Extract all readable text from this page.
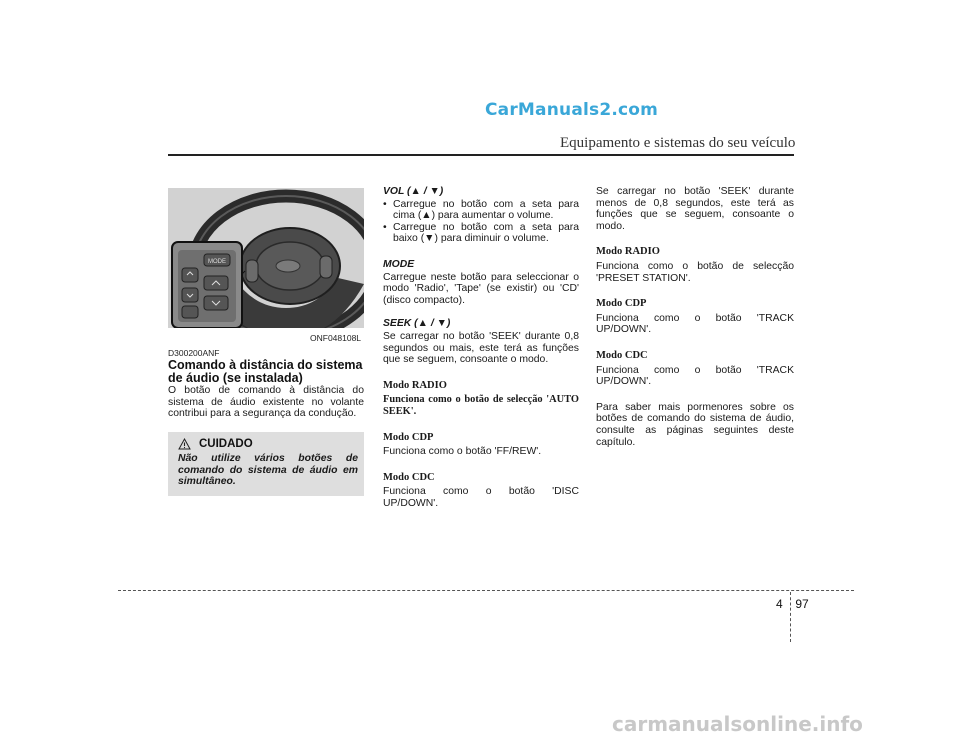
CarManuals2.com
Equipamento e sistemas do seu veículo
MODE
ONF048108L
D300200ANF
Comando à distância do sistema de áudio (se instalada)
O botão de comando à distância do sistema de áudio existente no volante contribui para a segurança da condução.
CUIDADO
Não utilize vários botões de comando do sistema de áudio em simultâneo.
VOL (▲ / ▼)
• Carregue no botão com a seta para cima (▲) para aumentar o volume.
• Carregue no botão com a seta para baixo (▼) para diminuir o volume.
MODE

Carregue neste botão para seleccionar o modo 'Radio', 'Tape' (se existir) ou 'CD' (disco compacto).

SEEK (▲ / ▼)

Se carregar no botão 'SEEK' durante 0,8 segundos ou mais, este terá as funções que se seguem, consoante o modo.

Modo RADIO

Funciona como o botão de selecção 'AUTO SEEK'.

Modo CDP

Funciona como o botão 'FF/REW'.

Modo CDC

Funciona como o botão 'DISC UP/DOWN'.

Se carregar no botão 'SEEK' durante menos de 0,8 segundos, este terá as funções que se seguem, consoante o modo.

Modo RADIO

Funciona como o botão de selecção 'PRESET STATION'.

Modo CDP

Funciona como o botão 'TRACK UP/DOWN'.

Modo CDC

Funciona como o botão 'TRACK UP/DOWN'.

Para saber mais pormenores sobre os botões de comando do sistema de áudio, consulte as páginas seguintes deste capítulo.

4 97
carmanualsonline.info
